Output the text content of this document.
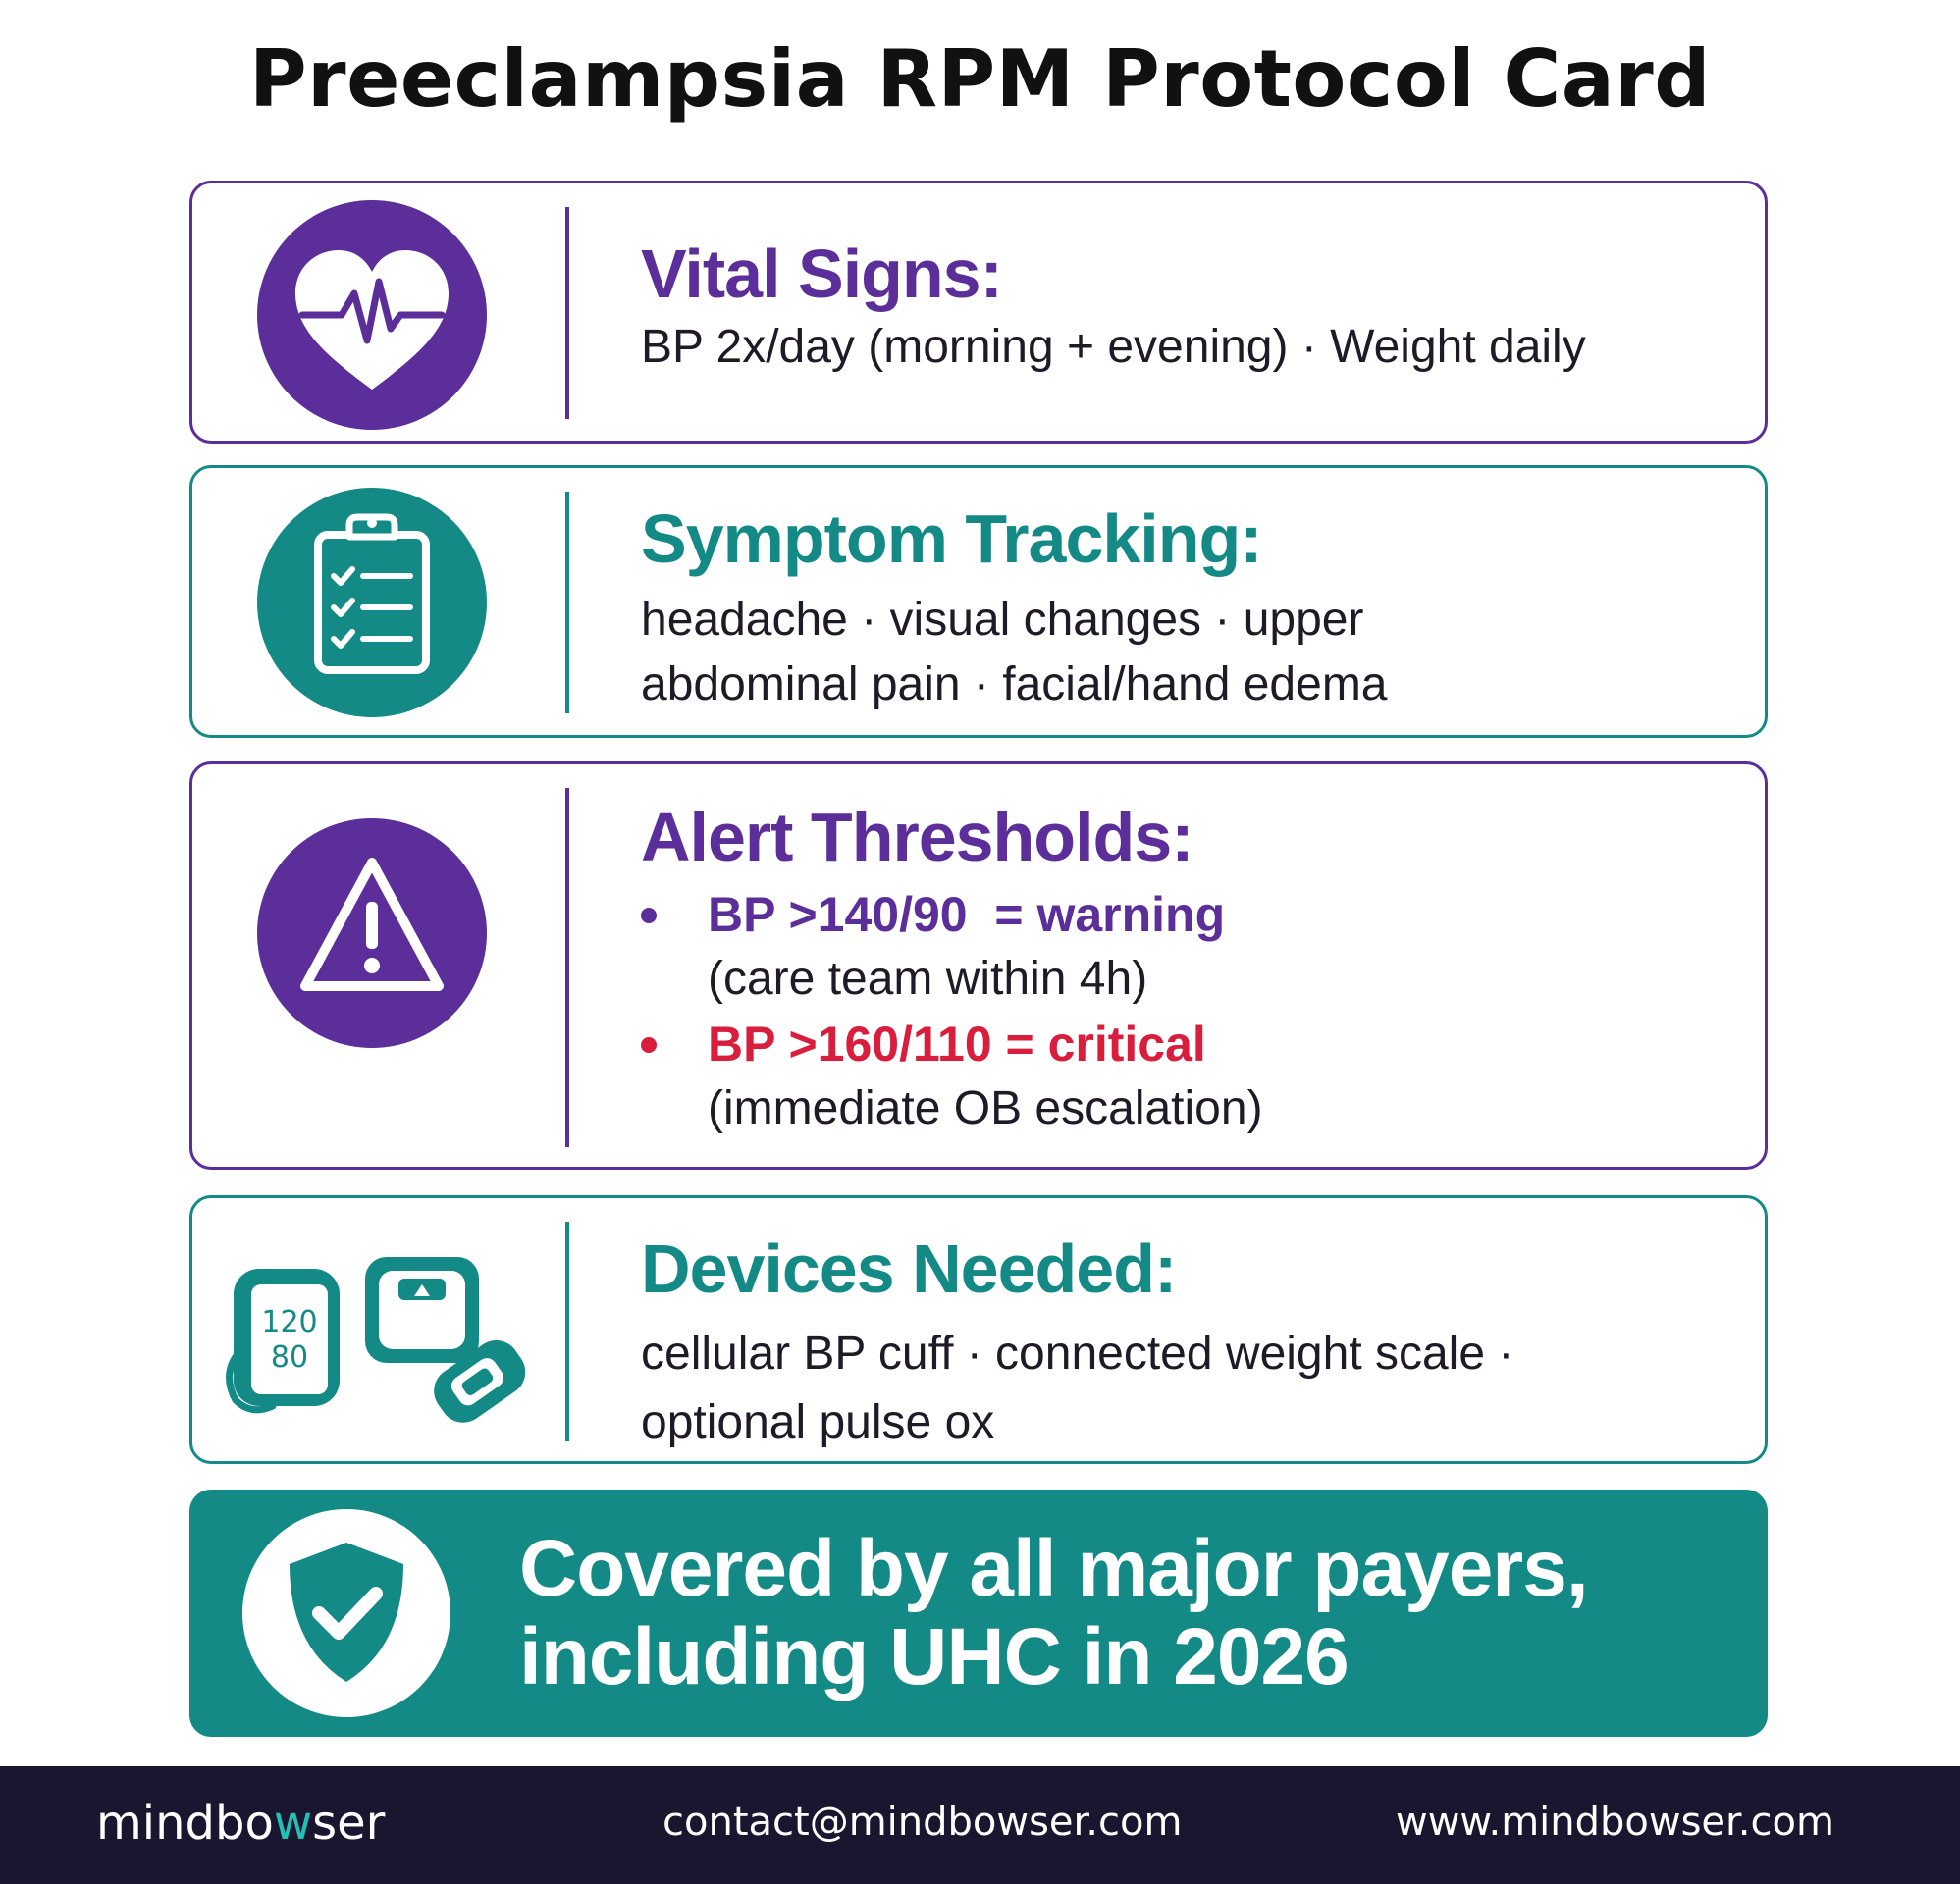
Preeclampsia RPM Protocol Card
Vital Signs:
BP 2x/day (morning + evening) · Weight daily
Symptom Tracking:
headache · visual changes · upper
abdominal pain · facial/hand edema
Alert Thresholds:
BP >140/90  = warning
(care team within 4h)
BP >160/110 = critical
(immediate OB escalation)
120
80
Devices Needed:
cellular BP cuff · connected weight scale ·
optional pulse ox
Covered by all major payers,
including UHC in 2026
mindbowser	contact@mindbowser.com	www.mindbowser.com
